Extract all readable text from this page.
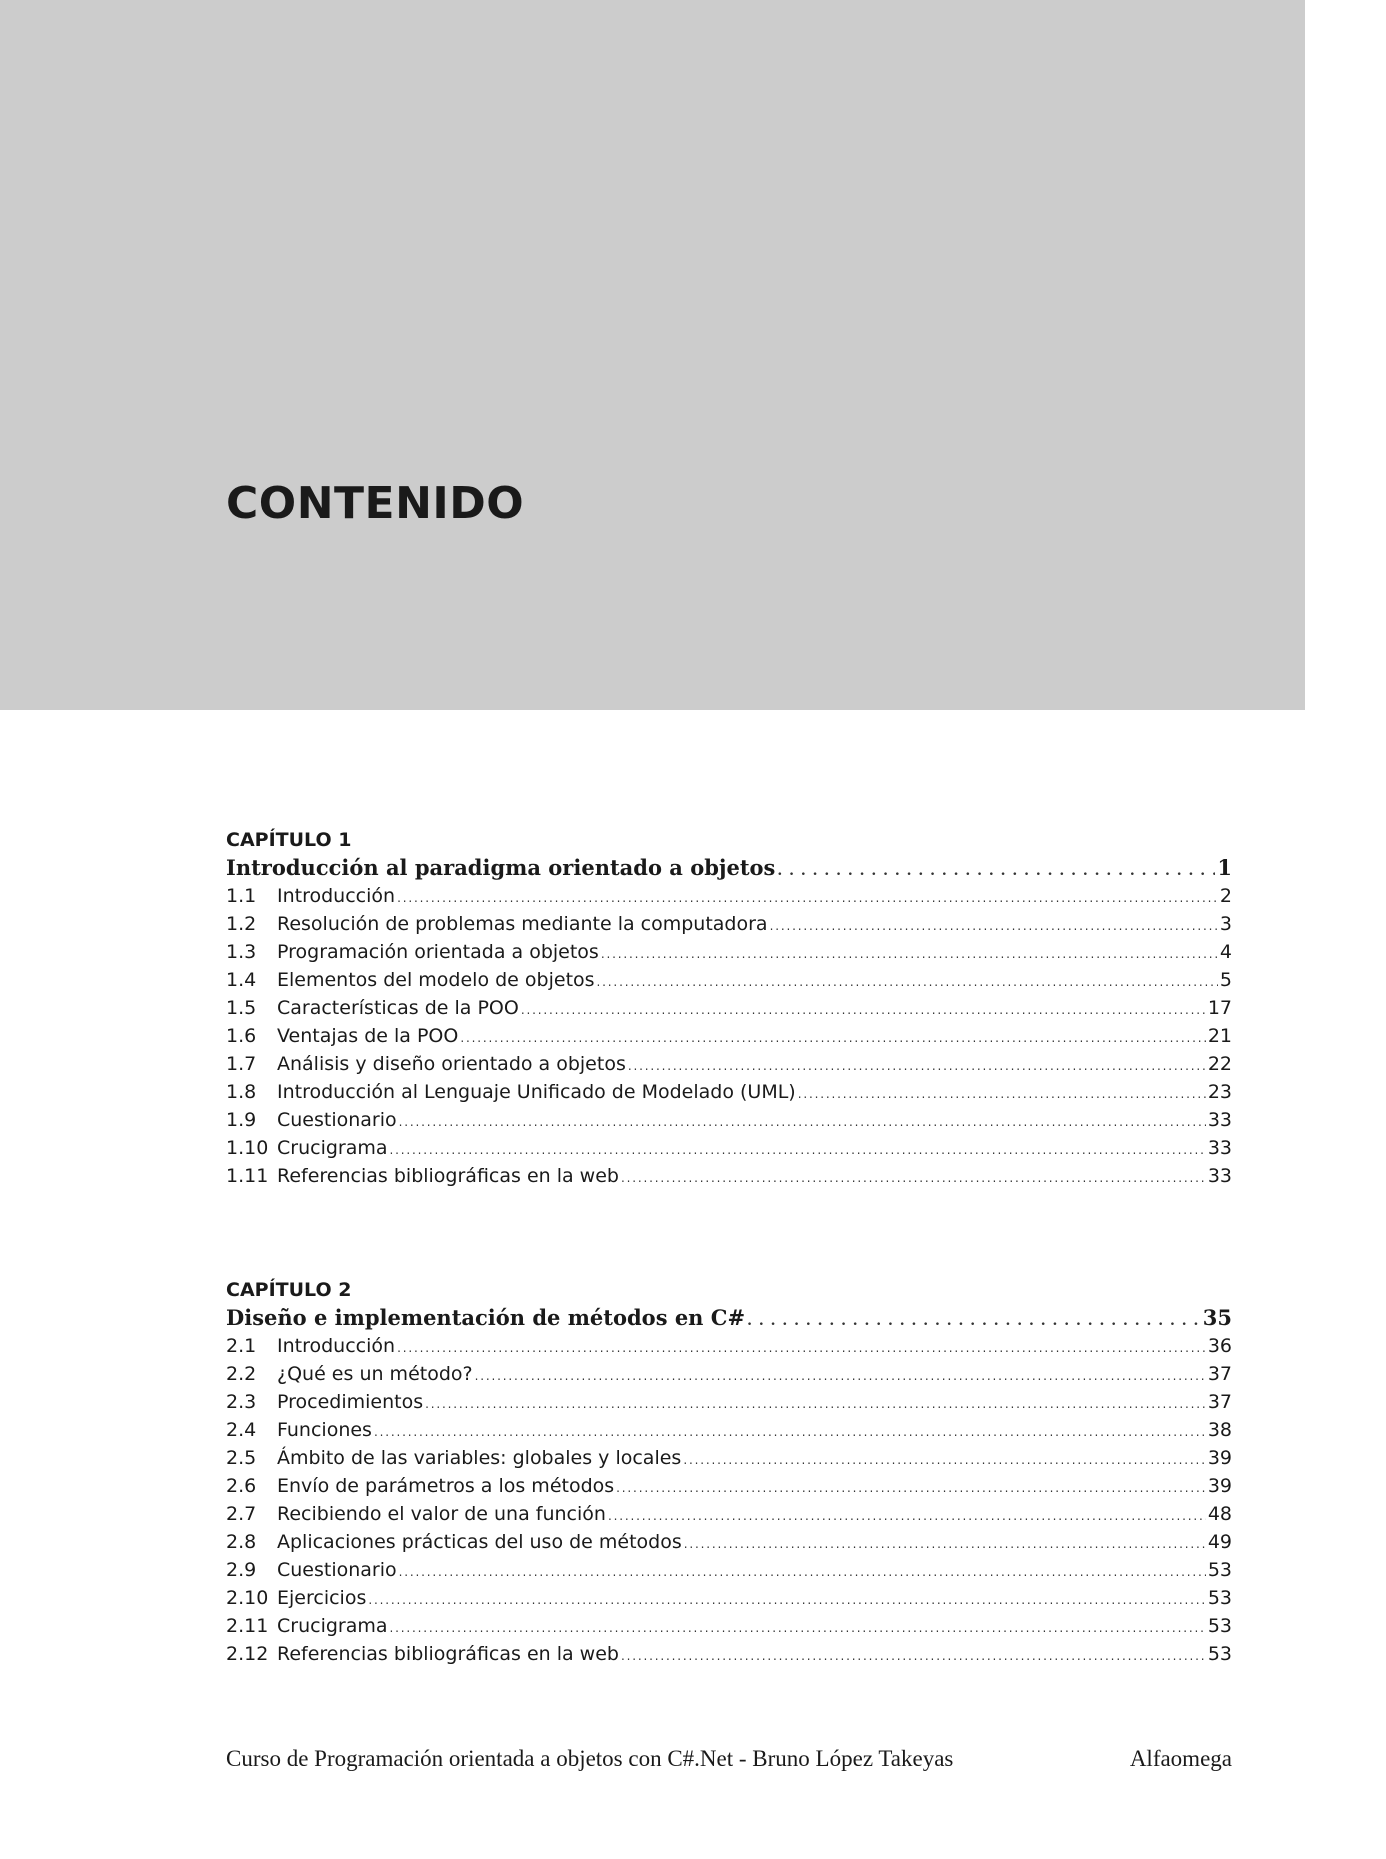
CONTENIDO
CAPÍTULO 1
Introducción al paradigma orientado a objetos . . .	1
1.1	Introducción . . .	2
1.2	Resolución de problemas mediante la computadora . . .	3
1.3	Programación orientada a objetos . . .	4
1.4	Elementos del modelo de objetos . . .	5
1.5	Características de la POO . . .	17
1.6	Ventajas de la POO . . .	21
1.7	Análisis y diseño orientado a objetos . . .	22
1.8	Introducción al Lenguaje Unificado de Modelado (UML) . . .	23
1.9	Cuestionario . . .	33
1.10 Crucigrama . . .	33
1.11 Referencias bibliográficas en la web . . .	33
CAPÍTULO 2
Diseño e implementación de métodos en C# . . .	35
2.1	Introducción . . .	36
2.2	¿Qué es un método? . . .	37
2.3	Procedimientos . . .	37
2.4	Funciones . . .	38
2.5	Ámbito de las variables: globales y locales . . .	39
2.6	Envío de parámetros a los métodos . . .	39
2.7	Recibiendo el valor de una función . . .	48
2.8	Aplicaciones prácticas del uso de métodos . . .	49
2.9	Cuestionario . . .	53
2.10 Ejercicios . . .	53
2.11 Crucigrama . . .	53
2.12 Referencias bibliográficas en la web . . .	53
Curso de Programación orientada a objetos con C#.Net - Bruno López Takeyas	Alfaomega
